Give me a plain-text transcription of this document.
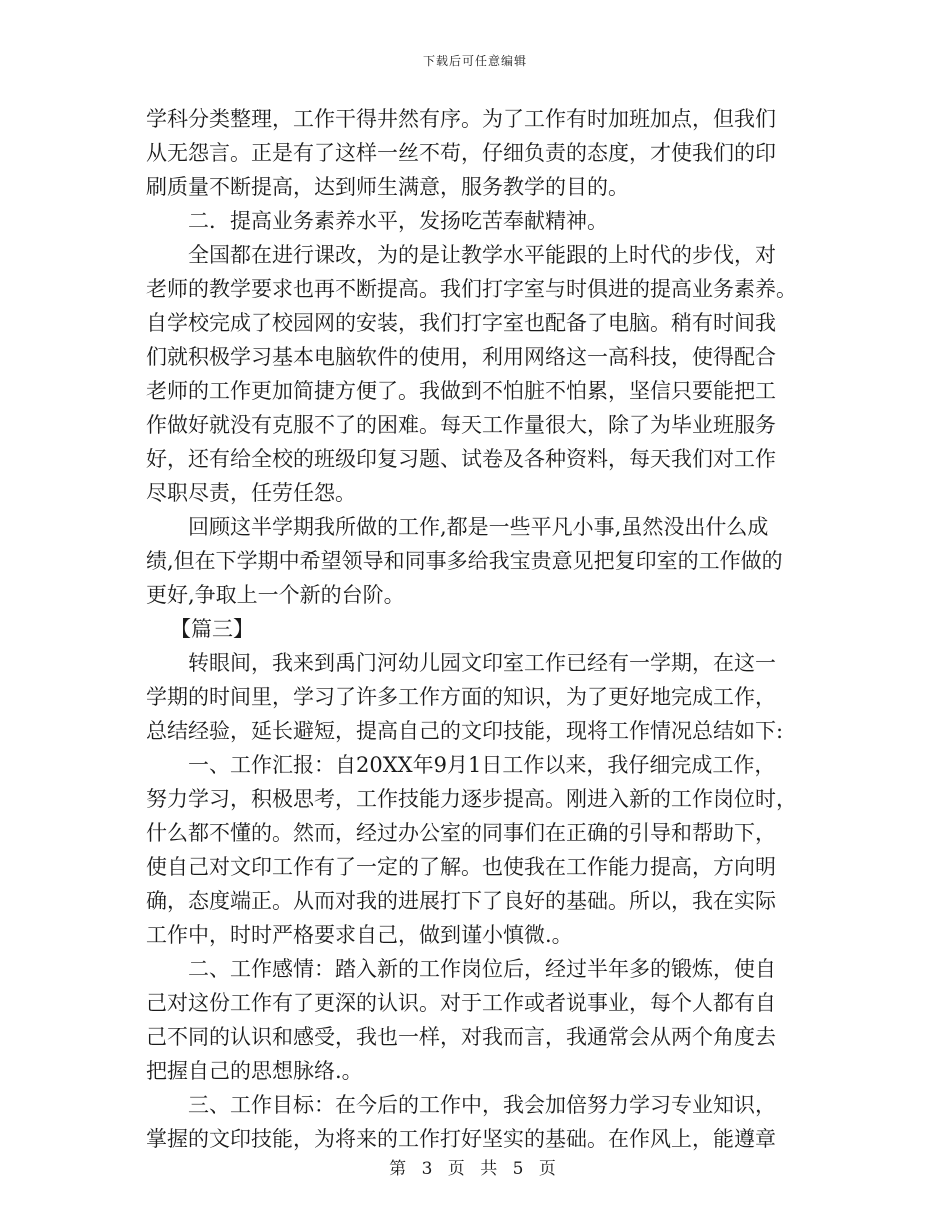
下载后可任意编辑
学科分类整理，工作干得井然有序。为了工作有时加班加点，但我们
从无怨言。正是有了这样一丝不苟，仔细负责的态度，才使我们的印
刷质量不断提高，达到师生满意，服务教学的目的。
二．提高业务素养水平，发扬吃苦奉献精神。
全国都在进行课改，为的是让教学水平能跟的上时代的步伐，对
老师的教学要求也再不断提高。我们打字室与时俱进的提高业务素养。
自学校完成了校园网的安装，我们打字室也配备了电脑。稍有时间我
们就积极学习基本电脑软件的使用，利用网络这一高科技，使得配合
老师的工作更加简捷方便了。我做到不怕脏不怕累，坚信只要能把工
作做好就没有克服不了的困难。每天工作量很大，除了为毕业班服务
好，还有给全校的班级印复习题、试卷及各种资料，每天我们对工作
尽职尽责，任劳任怨。
回顾这半学期我所做的工作,都是一些平凡小事,虽然没出什么成
绩,但在下学期中希望领导和同事多给我宝贵意见把复印室的工作做的
更好,争取上一个新的台阶。
【篇三】
转眼间，我来到禹门河幼儿园文印室工作已经有一学期，在这一
学期的时间里，学习了许多工作方面的知识，为了更好地完成工作，
总结经验，延长避短，提高自己的文印技能，现将工作情况总结如下:
一、工作汇报：自20XX年9月1日工作以来，我仔细完成工作，
努力学习，积极思考，工作技能力逐步提高。刚进入新的工作岗位时，
什么都不懂的。然而，经过办公室的同事们在正确的引导和帮助下，
使自己对文印工作有了一定的了解。也使我在工作能力提高，方向明
确，态度端正。从而对我的进展打下了良好的基础。所以，我在实际
工作中，时时严格要求自己，做到谨小慎微.。
二、工作感情：踏入新的工作岗位后，经过半年多的锻炼，使自
己对这份工作有了更深的认识。对于工作或者说事业，每个人都有自
己不同的认识和感受，我也一样，对我而言，我通常会从两个角度去
把握自己的思想脉络.。
三、工作目标：在今后的工作中，我会加倍努力学习专业知识，
掌握的文印技能，为将来的工作打好坚实的基础。在作风上，能遵章
第 3 页 共 5 页
